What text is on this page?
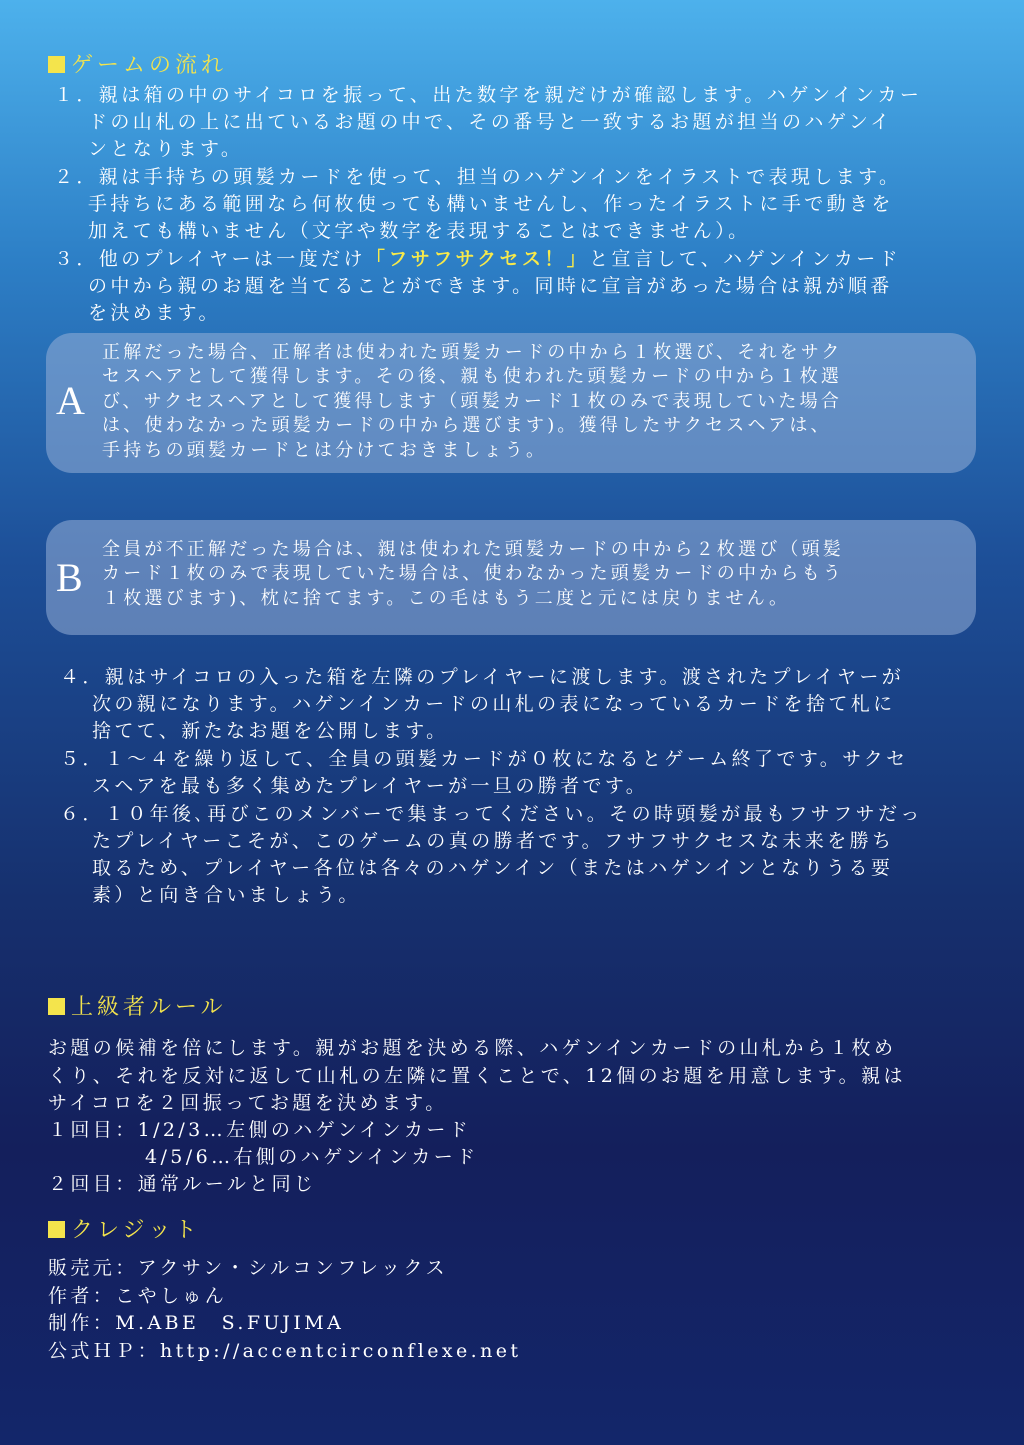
ゲームの流れ

１．親は箱の中のサイコロを振って、出た数字を親だけが確認します。ハゲンインカー

ドの山札の上に出ているお題の中で、その番号と一致するお題が担当のハゲンイ

ンとなります。

２．親は手持ちの頭髪カードを使って、担当のハゲンインをイラストで表現します。

手持ちにある範囲なら何枚使っても構いませんし、作ったイラストに手で動きを

加えても構いません（文字や数字を表現することはできません）。

３．他のプレイヤーは一度だけ「フサフサクセス！」と宣言して、ハゲンインカード

の中から親のお題を当てることができます。同時に宣言があった場合は親が順番

を決めます。

A

正解だった場合、正解者は使われた頭髪カードの中から１枚選び、それをサク

セスヘアとして獲得します。その後、親も使われた頭髪カードの中から１枚選

び、サクセスヘアとして獲得します（頭髪カード１枚のみで表現していた場合

は、使わなかった頭髪カードの中から選びます)。獲得したサクセスヘアは、

手持ちの頭髪カードとは分けておきましょう。

B

全員が不正解だった場合は、親は使われた頭髪カードの中から２枚選び（頭髪

カード１枚のみで表現していた場合は、使わなかった頭髪カードの中からもう

１枚選びます)、枕に捨てます。この毛はもう二度と元には戻りません。

４．親はサイコロの入った箱を左隣のプレイヤーに渡します。渡されたプレイヤーが

次の親になります。ハゲンインカードの山札の表になっているカードを捨て札に

捨てて、新たなお題を公開します。

５．１～４を繰り返して、全員の頭髪カードが０枚になるとゲーム終了です。サクセ

スヘアを最も多く集めたプレイヤーが一旦の勝者です。

６．１０年後､再びこのメンバーで集まってください。その時頭髪が最もフサフサだっ

たプレイヤーこそが、このゲームの真の勝者です。フサフサクセスな未来を勝ち

取るため、プレイヤー各位は各々のハゲンイン（またはハゲンインとなりうる要

素）と向き合いましょう。

上級者ルール

お題の候補を倍にします。親がお題を決める際、ハゲンインカードの山札から１枚め

くり、それを反対に返して山札の左隣に置くことで、12個のお題を用意します。親は

サイコロを２回振ってお題を決めます。

１回目：1/2/3…左側のハゲンインカード

4/5/6…右側のハゲンインカード

２回目：通常ルールと同じ

クレジット

販売元：アクサン・シルコンフレックス

作者：こやしゅん

制作：M.ABE　S.FUJIMA

公式ＨＰ：http://accentcirconflexe.net
